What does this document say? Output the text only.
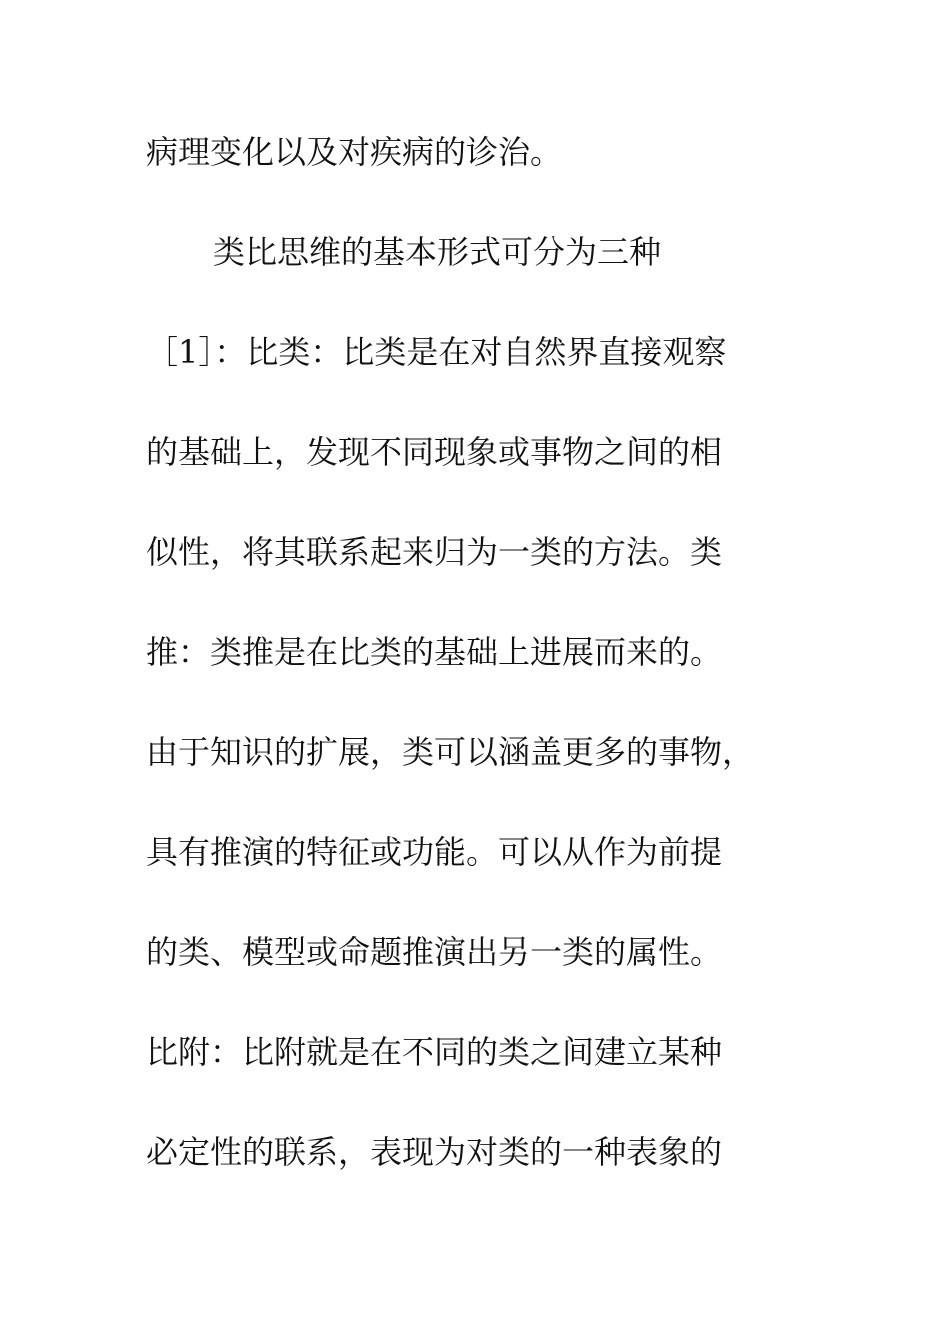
病理变化以及对疾病的诊治。

类比思维的基本形式可分为三种

［1］：比类：比类是在对自然界直接观察

的基础上，发现不同现象或事物之间的相

似性，将其联系起来归为一类的方法。类

推：类推是在比类的基础上进展而来的。

由于知识的扩展，类可以涵盖更多的事物，

具有推演的特征或功能。可以从作为前提

的类、模型或命题推演出另一类的属性。

比附：比附就是在不同的类之间建立某种

必定性的联系，表现为对类的一种表象的
